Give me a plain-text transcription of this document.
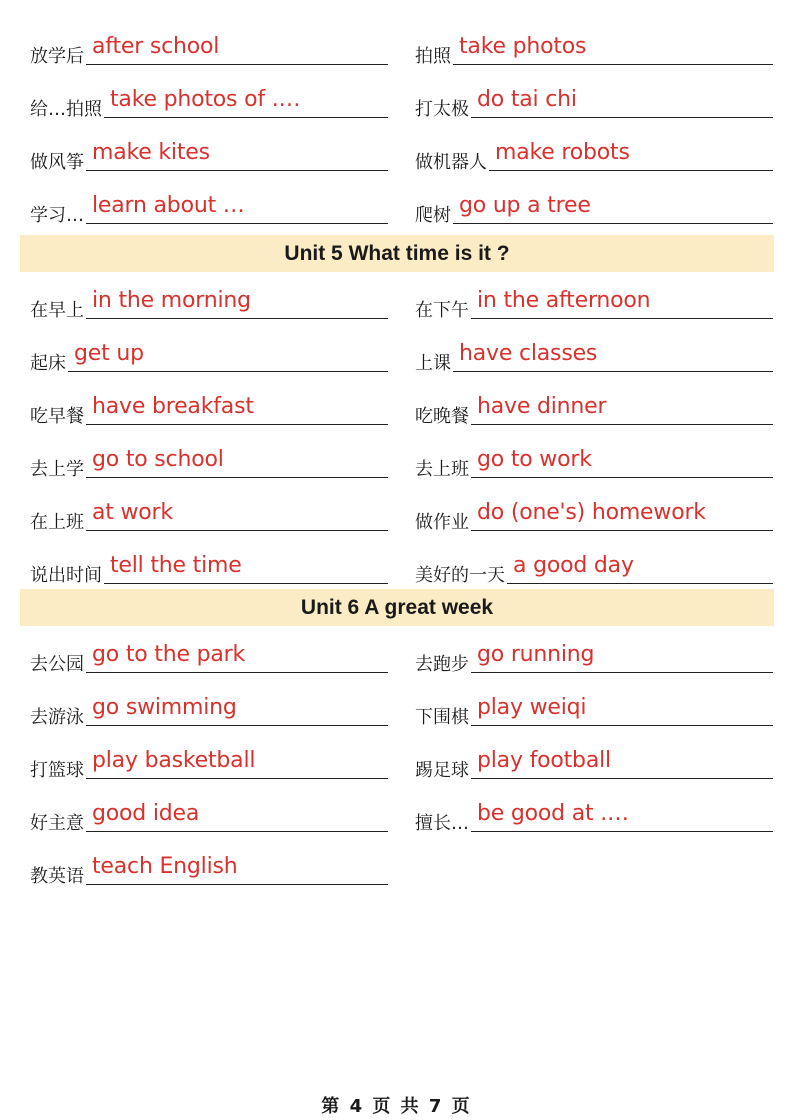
放学后 after school	拍照 take photos
给…拍照 take photos of .…	打太极 do tai chi
做风筝 make kites	做机器人 make robots
学习… learn about …	爬树 go up a tree
Unit 5 What time is it ?
在早上 in the morning	在下午 in the afternoon
起床 get up	上课 have classes
吃早餐 have breakfast	吃晚餐 have dinner
去上学 go to school	去上班 go to work
在上班 at work	做作业 do (one's) homework
说出时间 tell the time	美好的一天 a good day
Unit 6 A great week
去公园 go to the park	去跑步 go running
去游泳 go swimming	下围棋 play weiqi
打篮球 play basketball	踢足球 play football
好主意 good idea	擅长… be good at .…
教英语 teach English
第 4 页 共 7 页
